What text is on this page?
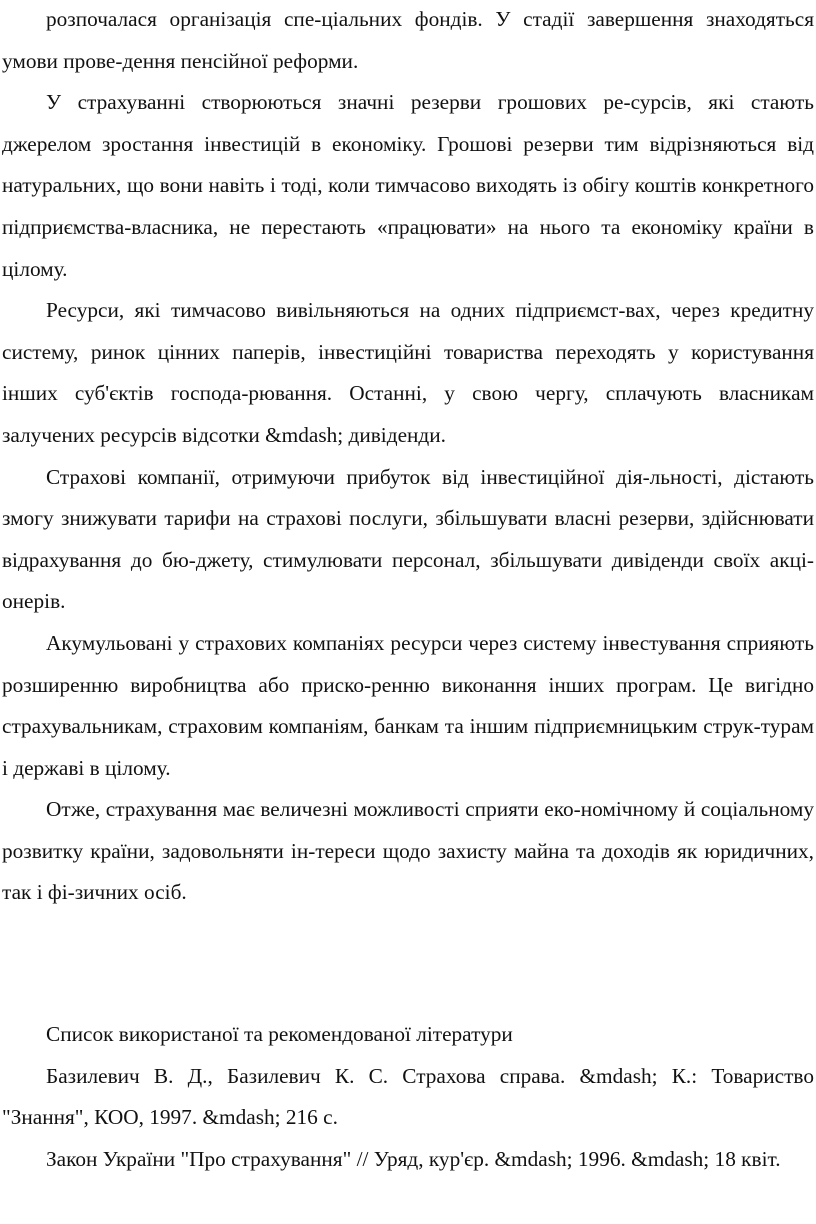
розпочалася організація спе-ціальних фондів. У стадії завершення знаходяться умови прове-дення пенсійної реформи.

У страхуванні створюються значні резерви грошових ре-сурсів, які стають джерелом зростання інвестицій в економіку. Грошові резерви тим відрізняються від натуральних, що вони навіть і тоді, коли тимчасово виходять із обігу коштів конкретного підприємства-власника, не перестають «працювати» на нього та економіку країни в цілому.

Ресурси, які тимчасово вивільняються на одних підприємст-вах, через кредитну систему, ринок цінних паперів, інвестиційні товариства переходять у користування інших суб'єктів господа-рювання. Останні, у свою чергу, сплачують власникам залучених ресурсів відсотки &mdash; дивіденди.

Страхові компанії, отримуючи прибуток від інвестиційної дія-льності, дістають змогу знижувати тарифи на страхові послуги, збільшувати власні резерви, здійснювати відрахування до бю-джету, стимулювати персонал, збільшувати дивіденди своїх акці-онерів.

Акумульовані у страхових компаніях ресурси через систему інвестування сприяють розширенню виробництва або приско-ренню виконання інших програм. Це вигідно страхувальникам, страховим компаніям, банкам та іншим підприємницьким струк-турам і державі в цілому.

Отже, страхування має величезні можливості сприяти еко-номічному й соціальному розвитку країни, задовольняти ін-тереси щодо захисту майна та доходів як юридичних, так і фі-зичних осіб.

Список використаної та рекомендованої літератури

Базилевич В. Д., Базилевич К. С. Страхова справа. &mdash; К.: Товариство "Знання", КОО, 1997. &mdash; 216 с.

Закон України "Про страхування" // Уряд, кур'єр. &mdash; 1996. &mdash; 18 квіт.
